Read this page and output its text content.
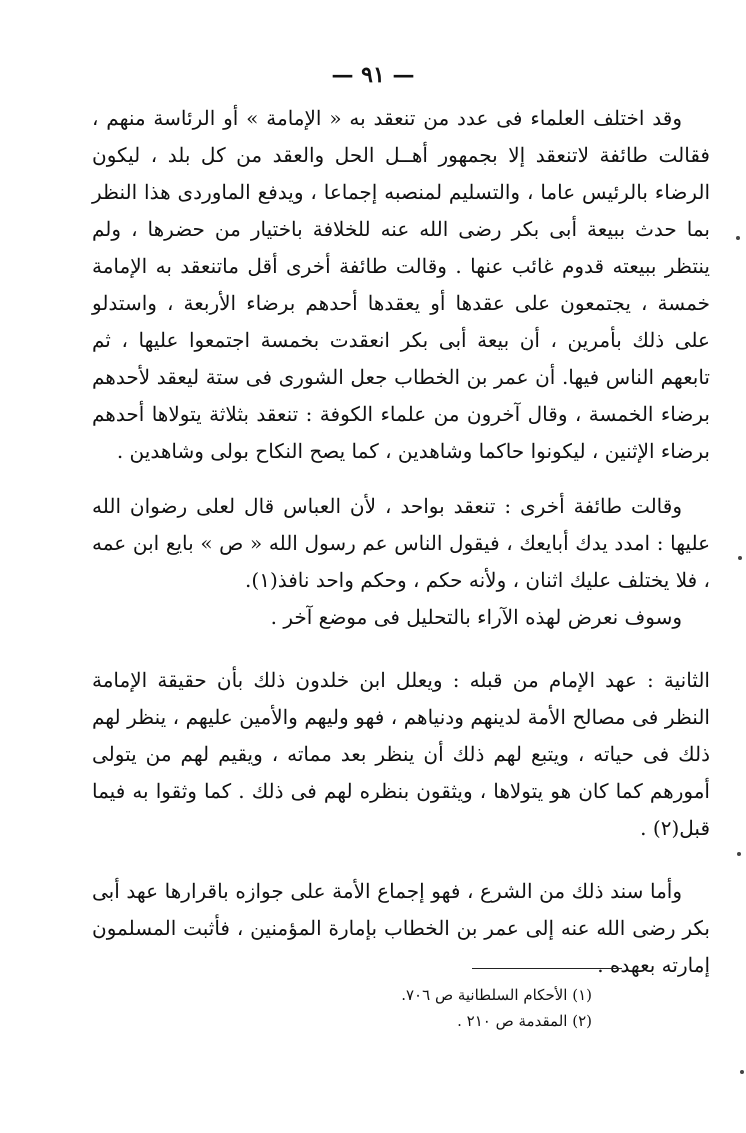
— ٩١ —

وقد اختلف العلماء فى عدد من تنعقد به « الإمامة » أو الرئاسة منهم ، فقالت طائفة لاتنعقد إلا بجمهور أهــل الحل والعقد من كل بلد ، ليكون الرضاء بالرئيس عاما ، والتسليم لمنصبه إجماعا ، ويدفع الماوردى هذا النظر بما حدث ببيعة أبى بكر رضى الله عنه للخلافة باختيار من حضرها ، ولم ينتظر ببيعته قدوم غائب عنها . وقالت طائفة أخرى أقل ماتنعقد به الإمامة خمسة ، يجتمعون على عقدها أو يعقدها أحدهم برضاء الأربعة ، واستدلو على ذلك بأمرين ، أن بيعة أبى بكر انعقدت بخمسة اجتمعوا عليها ، ثم تابعهم الناس فيها. أن عمر بن الخطاب جعل الشورى فى ستة ليعقد لأحدهم برضاء الخمسة ، وقال آخرون من علماء الكوفة : تنعقد بثلاثة يتولاها أحدهم برضاء الإثنين ، ليكونوا حاكما وشاهدين ، كما يصح النكاح بولى وشاهدين .

وقالت طائفة أخرى : تنعقد بواحد ، لأن العباس قال لعلى رضوان الله عليها : امدد يدك أبايعك ، فيقول الناس عم رسول الله « ص » بايع ابن عمه ، فلا يختلف عليك اثنان ، ولأنه حكم ، وحكم واحد نافذ(١).

وسوف نعرض لهذه الآراء بالتحليل فى موضع آخر .

الثانية : عهد الإمام من قبله : ويعلل ابن خلدون ذلك بأن حقيقة الإمامة النظر فى مصالح الأمة لدينهم ودنياهم ، فهو وليهم والأمين عليهم ، ينظر لهم ذلك فى حياته ، ويتبع لهم ذلك أن ينظر بعد مماته ، ويقيم لهم من يتولى أمورهم كما كان هو يتولاها ، ويثقون بنظره لهم فى ذلك . كما وثقوا به فيما قبل(٢) .

وأما سند ذلك من الشرع ، فهو إجماع الأمة على جوازه باقرارها عهد أبى بكر رضى الله عنه إلى عمر بن الخطاب بإمارة المؤمنين ، فأثبت المسلمون إمارته بعهده .

(١) الأحكام السلطانية ص ٧٠٦.

(٢) المقدمة ص ٢١٠ .
